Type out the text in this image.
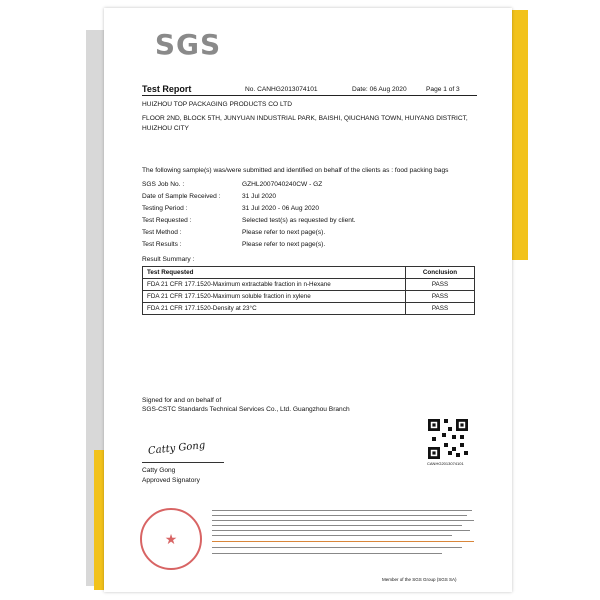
SGS
Test Report	No. CANHG2013074101	Date: 06 Aug 2020	Page 1 of 3
HUIZHOU TOP PACKAGING PRODUCTS CO LTD
FLOOR 2ND, BLOCK 5TH, JUNYUAN INDUSTRIAL PARK, BAISHI, QIUCHANG TOWN, HUIYANG DISTRICT,
HUIZHOU CITY
The following sample(s) was/were submitted and identified on behalf of the clients as : food packing bags
SGS Job No. :	GZHL2007040240CW - GZ
Date of Sample Received :	31 Jul 2020
Testing Period :	31 Jul 2020 - 06 Aug 2020
Test Requested :	Selected test(s) as requested by client.
Test Method :	Please refer to next page(s).
Test Results :	Please refer to next page(s).
Result Summary :
Test Requested	Conclusion
FDA 21 CFR 177.1520-Maximum extractable fraction in n-Hexane	PASS
FDA 21 CFR 177.1520-Maximum soluble fraction in xylene	PASS
FDA 21 CFR 177.1520-Density at 23°C	PASS
Signed for and on behalf of
SGS-CSTC Standards Technical Services Co., Ltd. Guangzhou Branch
CANHG2013074101
Catty Gong
Catty Gong
Approved Signatory
★
Member of the SGS Group (SGS SA)
